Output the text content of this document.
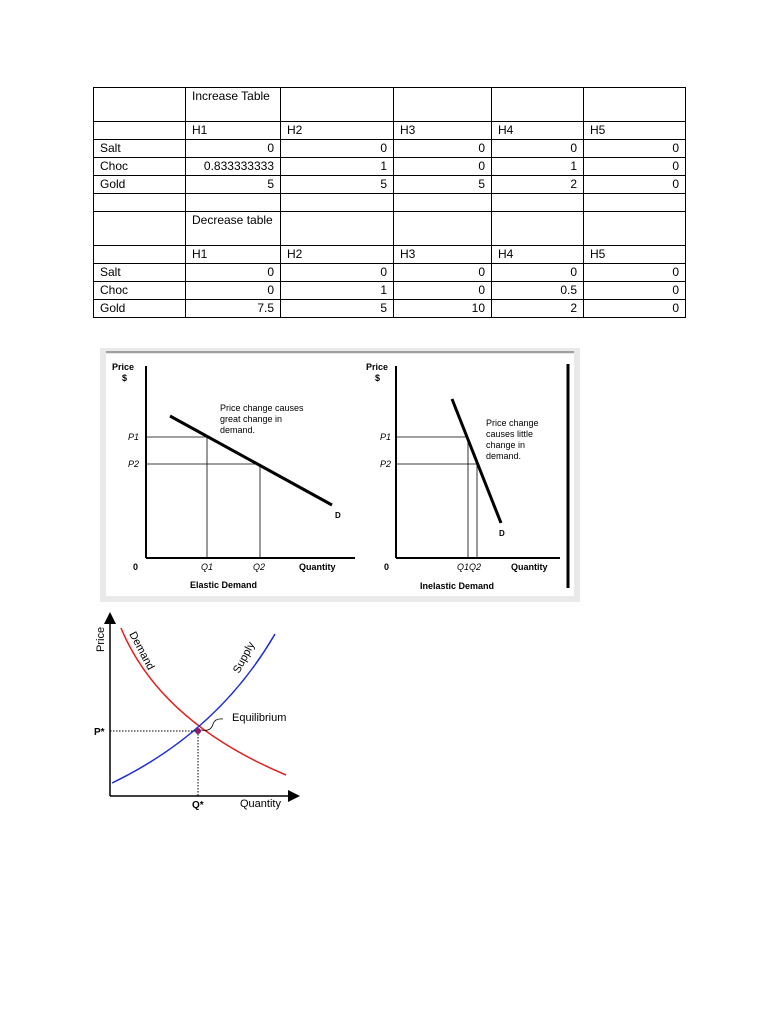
	Increase Table				
	H1	H2	H3	H4	H5
Salt	0	0	0	0	0
Choc	0.833333333	1	0	1	0
Gold	5	5	5	2	0

	Decrease table				
	H1	H2	H3	H4	H5
Salt	0	0	0	0	0
Choc	0	1	0	0.5	0
Gold	7.5	5	10	2	0
Price
$
P1
P2
D
Price change causes
great change in
demand.
0	Q1	Q2	Quantity
Elastic Demand
Price
$
P1
P2
D
Price change
causes little
change in
demand.
0	Q1Q2	Quantity
Inelastic Demand
Price
Quantity
Demand	Supply
Equilibrium
P*
Q*
